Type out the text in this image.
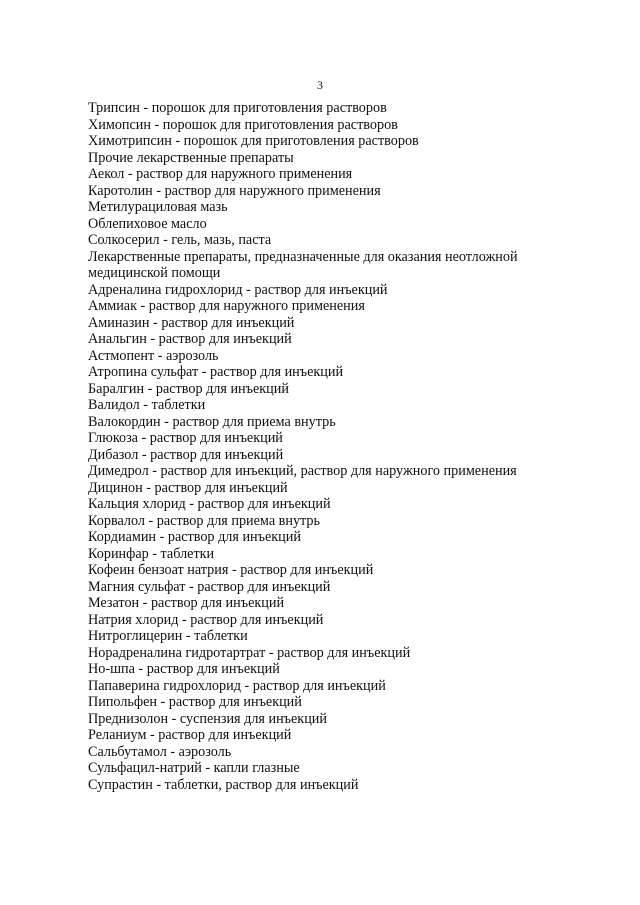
3
Трипсин - порошок для приготовления растворов
Химопсин - порошок для приготовления растворов
Химотрипсин - порошок для приготовления растворов
Прочие лекарственные препараты
Аекол - раствор для наружного применения
Каротолин - раствор для наружного применения
Метилурациловая мазь
Облепиховое масло
Солкосерил - гель, мазь, паста
Лекарственные препараты, предназначенные для оказания неотложной медицинской помощи
Адреналина гидрохлорид - раствор для инъекций
Аммиак - раствор для наружного применения
Аминазин - раствор для инъекций
Анальгин - раствор для инъекций
Астмопент - аэрозоль
Атропина сульфат - раствор для инъекций
Баралгин - раствор для инъекций
Валидол - таблетки
Валокордин - раствор для приема внутрь
Глюкоза - раствор для инъекций
Дибазол - раствор для инъекций
Димедрол - раствор для инъекций, раствор для наружного применения
Дицинон - раствор для инъекций
Кальция хлорид - раствор для инъекций
Корвалол - раствор для приема внутрь
Кордиамин - раствор для инъекций
Коринфар - таблетки
Кофеин бензоат натрия - раствор для инъекций
Магния сульфат - раствор для инъекций
Мезатон - раствор для инъекций
Натрия хлорид - раствор для инъекций
Нитроглицерин - таблетки
Норадреналина гидротартрат - раствор для инъекций
Но-шпа - раствор для инъекций
Папаверина гидрохлорид - раствор для инъекций
Пипольфен - раствор для инъекций
Преднизолон - суспензия для инъекций
Реланиум - раствор для инъекций
Сальбутамол - аэрозоль
Сульфацил-натрий - капли глазные
Супрастин - таблетки, раствор для инъекций
